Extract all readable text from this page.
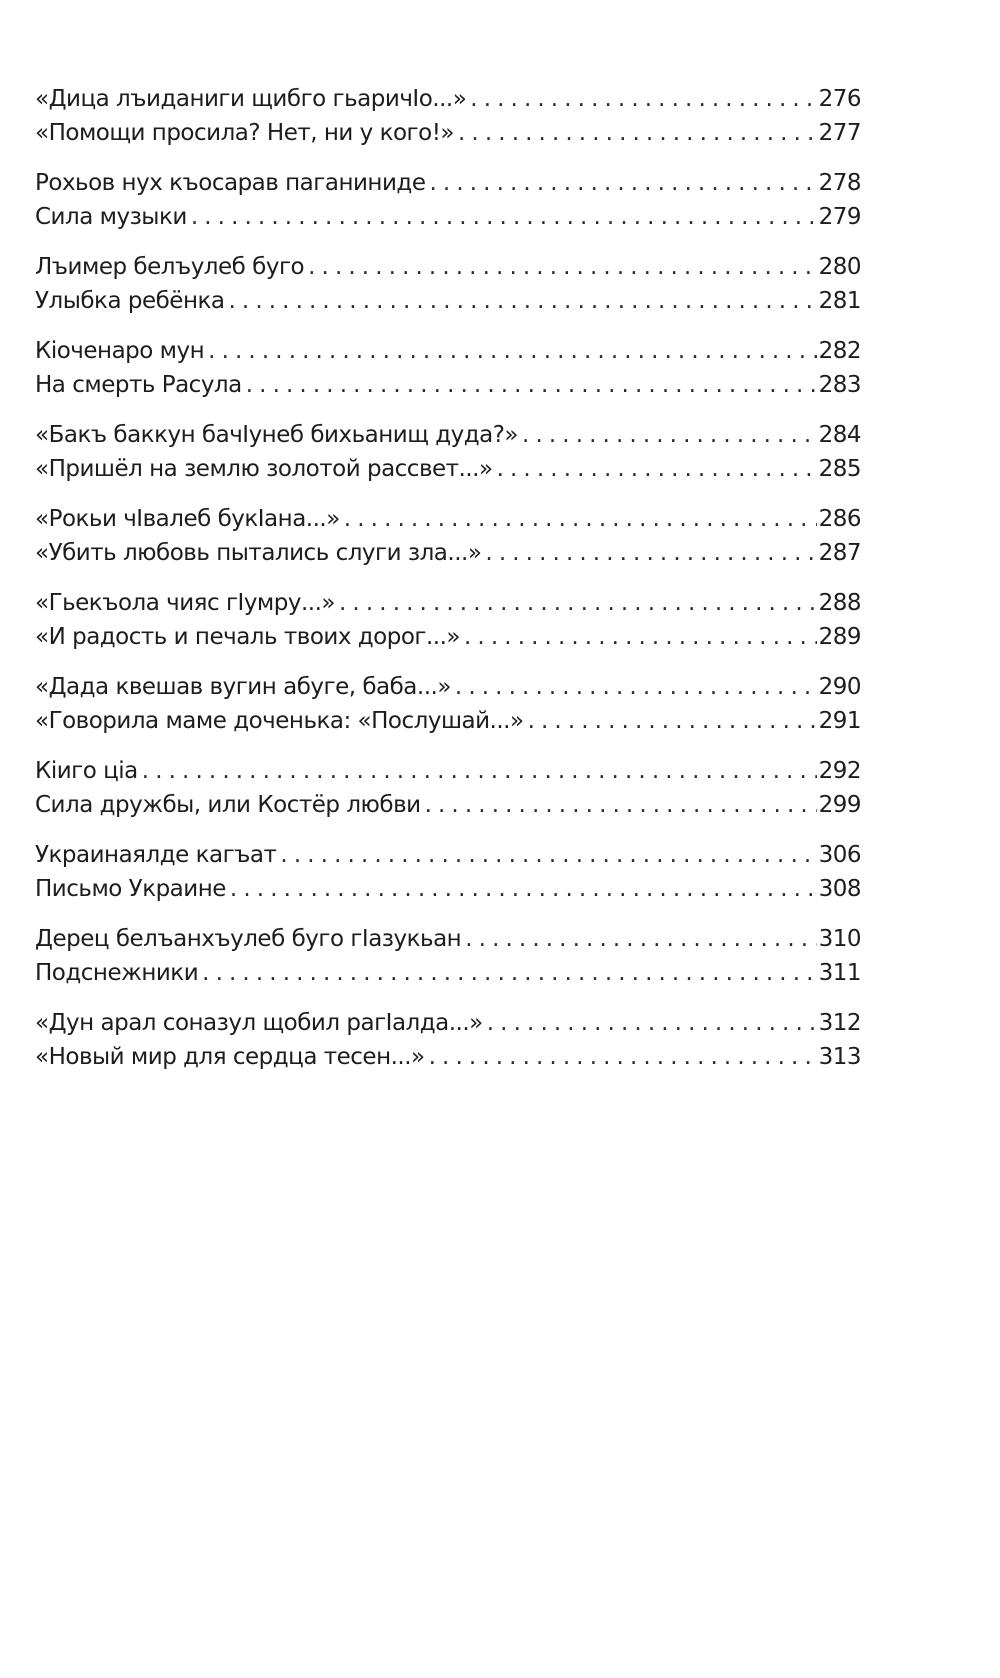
«Дица лъиданиги щибго гьаричIо...» . . .	276
«Помощи просила? Нет, ни у кого!» . . .	277
Рохьов нух къосарав паганиниде . . .	278
Сила музыки . . .	279
Лъимер белъулеб буго . . .	280
Улыбка ребёнка . . .	281
Кіоченаро мун . . .	282
На смерть Расула . . .	283
«Бакъ баккун бачIунеб бихьанищ дуда?» . . .	284
«Пришёл на землю золотой рассвет...» . . .	285
«Рокьи чIвалеб букIана...» . . .	286
«Убить любовь пытались слуги зла...» . . .	287
«Гьекъола чияс гIумру...» . . .	288
«И радость и печаль твоих дорог...» . . .	289
«Дада квешав вугин абуге, баба...» . . .	290
«Говорила маме доченька: «Послушай...» . . .	291
Кіиго ціа . . .	292
Сила дружбы, или Костёр любви . . .	299
Украинаялде кагъат . . .	306
Письмо Украине . . .	308
Дерец белъанхъулеб буго гIазукьан . . .	310
Подснежники . . .	311
«Дун арал соназул щобил рагIалда...» . . .	312
«Новый мир для сердца тесен...» . . .	313
